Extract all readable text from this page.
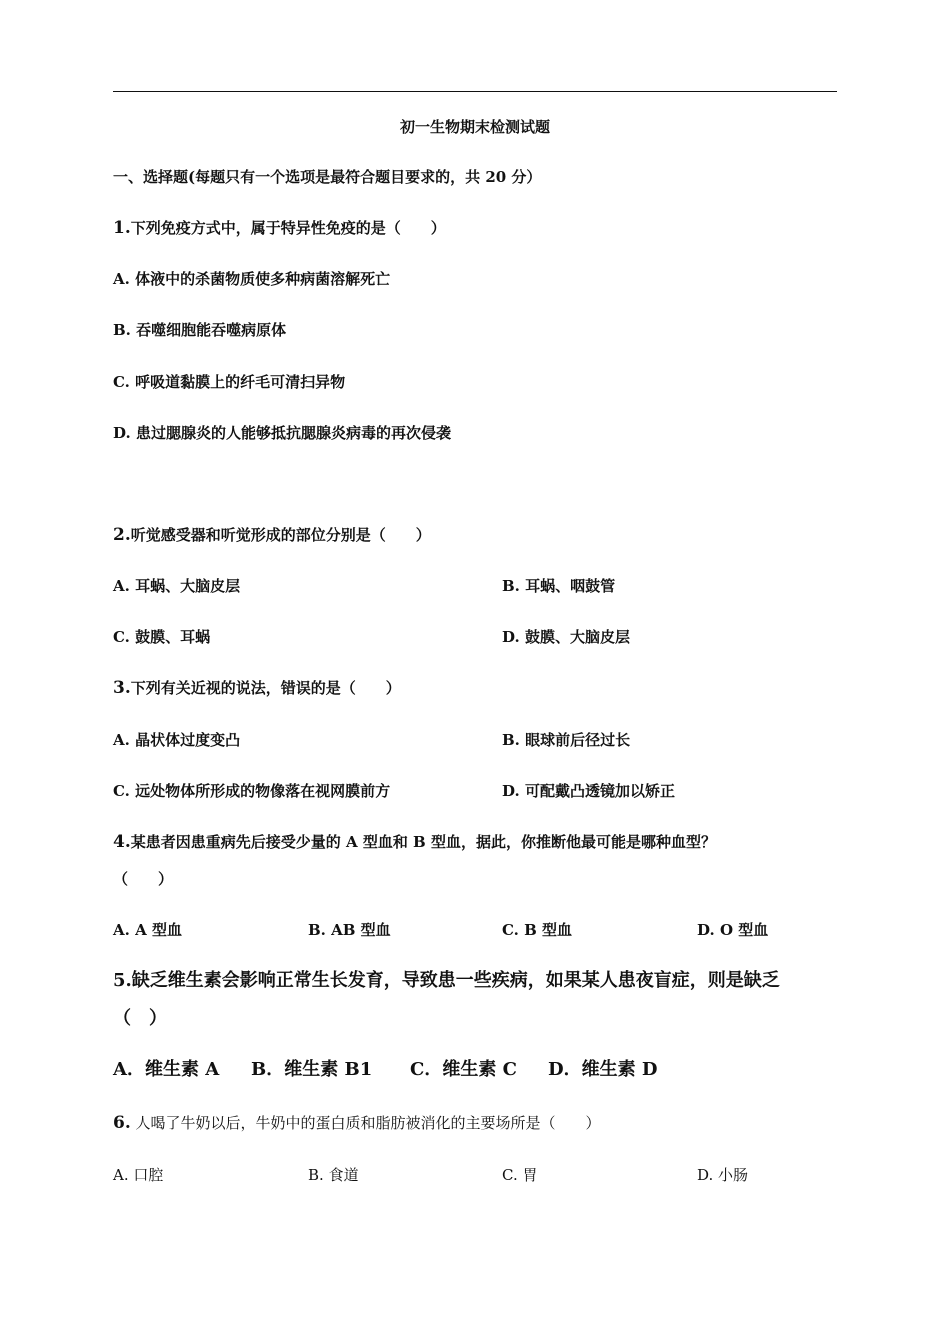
初一生物期末检测试题
一、选择题(每题只有一个选项是最符合题目要求的，共 20 分）
1.下列免疫方式中，属于特异性免疫的是（　　）
A. 体液中的杀菌物质使多种病菌溶解死亡
B. 吞噬细胞能吞噬病原体
C. 呼吸道黏膜上的纤毛可清扫异物
D. 患过腮腺炎的人能够抵抗腮腺炎病毒的再次侵袭
2.听觉感受器和听觉形成的部位分别是（　　）
A. 耳蜗、大脑皮层	B. 耳蜗、咽鼓管
C. 鼓膜、耳蜗	D. 鼓膜、大脑皮层
3.下列有关近视的说法，错误的是（　　）
A. 晶状体过度变凸	B. 眼球前后径过长
C. 远处物体所形成的物像落在视网膜前方	D. 可配戴凸透镜加以矫正
4.某患者因患重病先后接受少量的 A 型血和 B 型血，据此，你推断他最可能是哪种血型？
（　　）
A. A 型血	B. AB 型血	C. B 型血	D. O 型血
5.缺乏维生素会影响正常生长发育，导致患一些疾病，如果某人患夜盲症，则是缺乏
（　）
A．维生素 A B．维生素 B1 C．维生素 C D．维生素 D
6. 人喝了牛奶以后，牛奶中的蛋白质和脂肪被消化的主要场所是（　　）
A. 口腔	B. 食道	C. 胃	D. 小肠
